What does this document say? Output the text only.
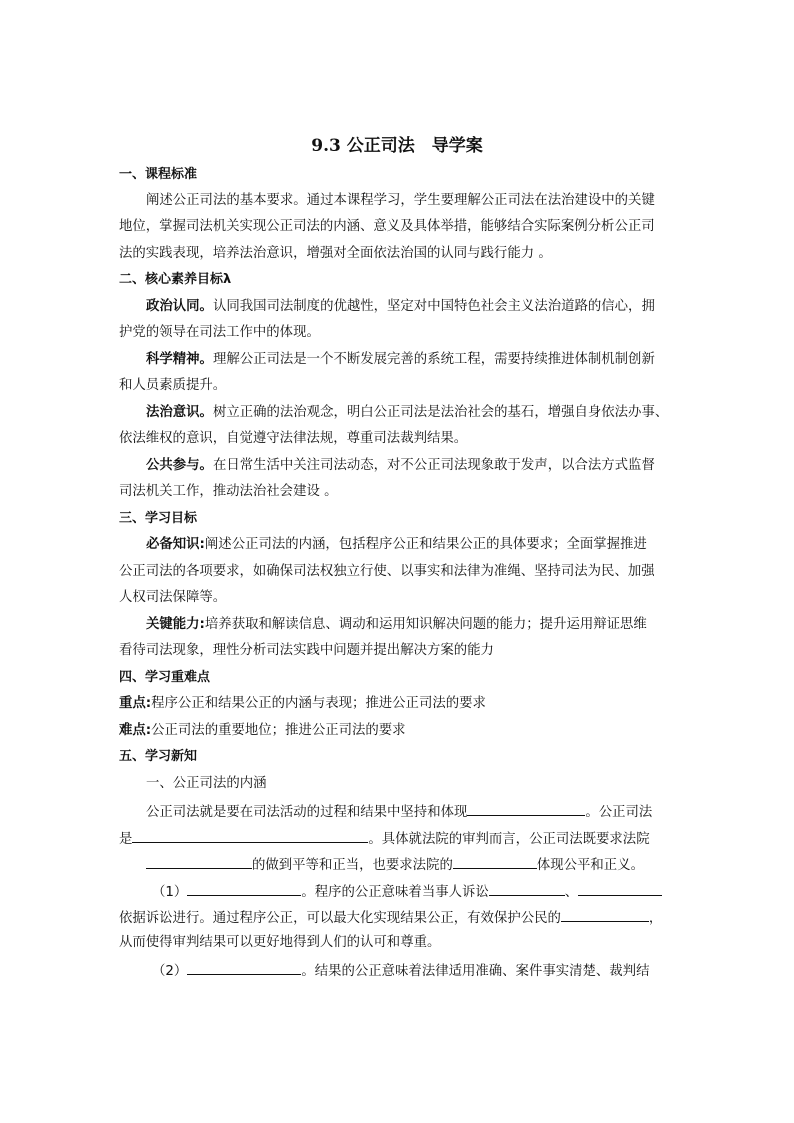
9.3 公正司法　导学案
一、课程标准
阐述公正司法的基本要求。通过本课程学习，学生要理解公正司法在法治建设中的关键
地位，掌握司法机关实现公正司法的内涵、意义及具体举措，能够结合实际案例分析公正司
法的实践表现，培养法治意识，增强对全面依法治国的认同与践行能力 。
二、核心素养目标λ
政治认同。认同我国司法制度的优越性，坚定对中国特色社会主义法治道路的信心，拥
护党的领导在司法工作中的体现。
科学精神。理解公正司法是一个不断发展完善的系统工程，需要持续推进体制机制创新
和人员素质提升。
法治意识。树立正确的法治观念，明白公正司法是法治社会的基石，增强自身依法办事、
依法维权的意识，自觉遵守法律法规，尊重司法裁判结果。
公共参与。在日常生活中关注司法动态，对不公正司法现象敢于发声，以合法方式监督
司法机关工作，推动法治社会建设 。
三、学习目标
必备知识:阐述公正司法的内涵，包括程序公正和结果公正的具体要求；全面掌握推进
公正司法的各项要求，如确保司法权独立行使、以事实和法律为准绳、坚持司法为民、加强
人权司法保障等。
关键能力:培养获取和解读信息、调动和运用知识解决问题的能力；提升运用辩证思维
看待司法现象，理性分析司法实践中问题并提出解决方案的能力
四、学习重难点
重点:程序公正和结果公正的内涵与表现；推进公正司法的要求
难点:公正司法的重要地位；推进公正司法的要求
五、学习新知
一、公正司法的内涵
公正司法就是要在司法活动的过程和结果中坚持和体现	。公正司法
是	。具体就法院的审判而言，公正司法既要求法院
的做到平等和正当，也要求法院的	体现公平和正义。
（1）	。程序的公正意味着当事人诉讼	、
依据诉讼进行。通过程序公正，可以最大化实现结果公正，有效保护公民的	，
从而使得审判结果可以更好地得到人们的认可和尊重。
（2）	。结果的公正意味着法律适用准确、案件事实清楚、裁判结
